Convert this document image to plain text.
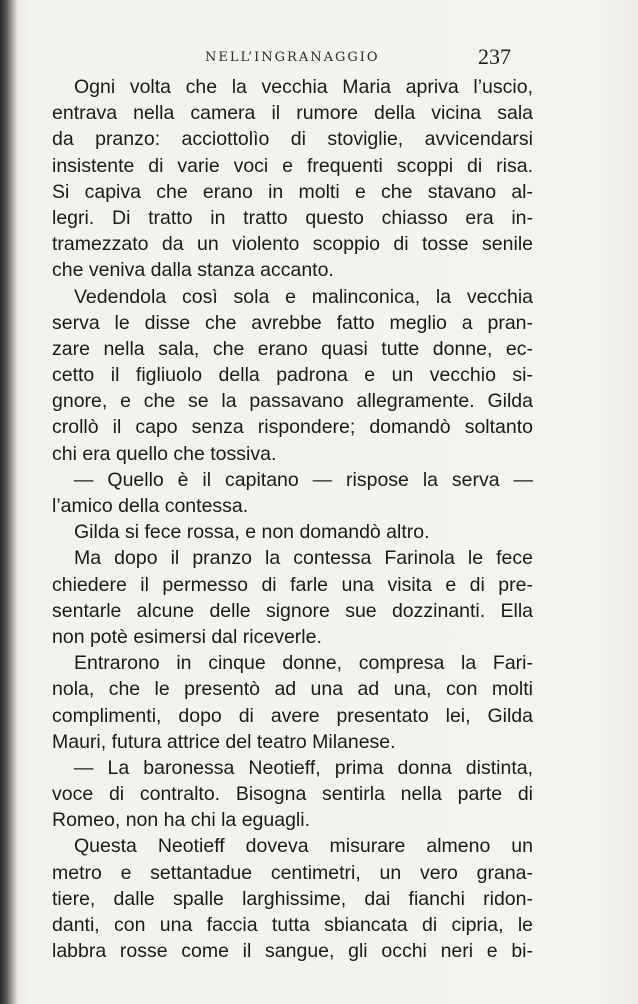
NELL’INGRANAGGIO	237
Ogni volta che la vecchia Maria apriva l’uscio,
entrava nella camera il rumore della vicina sala
da pranzo: acciottolìo di stoviglie, avvicendarsi
insistente di varie voci e frequenti scoppi di risa.
Si capiva che erano in molti e che stavano al-
legri. Di tratto in tratto questo chiasso era in-
tramezzato da un violento scoppio di tosse senile
che veniva dalla stanza accanto.
Vedendola così sola e malinconica, la vecchia
serva le disse che avrebbe fatto meglio a pran-
zare nella sala, che erano quasi tutte donne, ec-
cetto il figliuolo della padrona e un vecchio si-
gnore, e che se la passavano allegramente. Gilda
crollò il capo senza rispondere; domandò soltanto
chi era quello che tossiva.
— Quello è il capitano — rispose la serva —
l’amico della contessa.
Gilda si fece rossa, e non domandò altro.
Ma dopo il pranzo la contessa Farinola le fece
chiedere il permesso di farle una visita e di pre-
sentarle alcune delle signore sue dozzinanti. Ella
non potè esimersi dal riceverle.
Entrarono in cinque donne, compresa la Fari-
nola, che le presentò ad una ad una, con molti
complimenti, dopo di avere presentato lei, Gilda
Mauri, futura attrice del teatro Milanese.
— La baronessa Neotieff, prima donna distinta,
voce di contralto. Bisogna sentirla nella parte di
Romeo, non ha chi la eguagli.
Questa Neotieff doveva misurare almeno un
metro e settantadue centimetri, un vero grana-
tiere, dalle spalle larghissime, dai fianchi ridon-
danti, con una faccia tutta sbiancata di cipria, le
labbra rosse come il sangue, gli occhi neri e bi-
